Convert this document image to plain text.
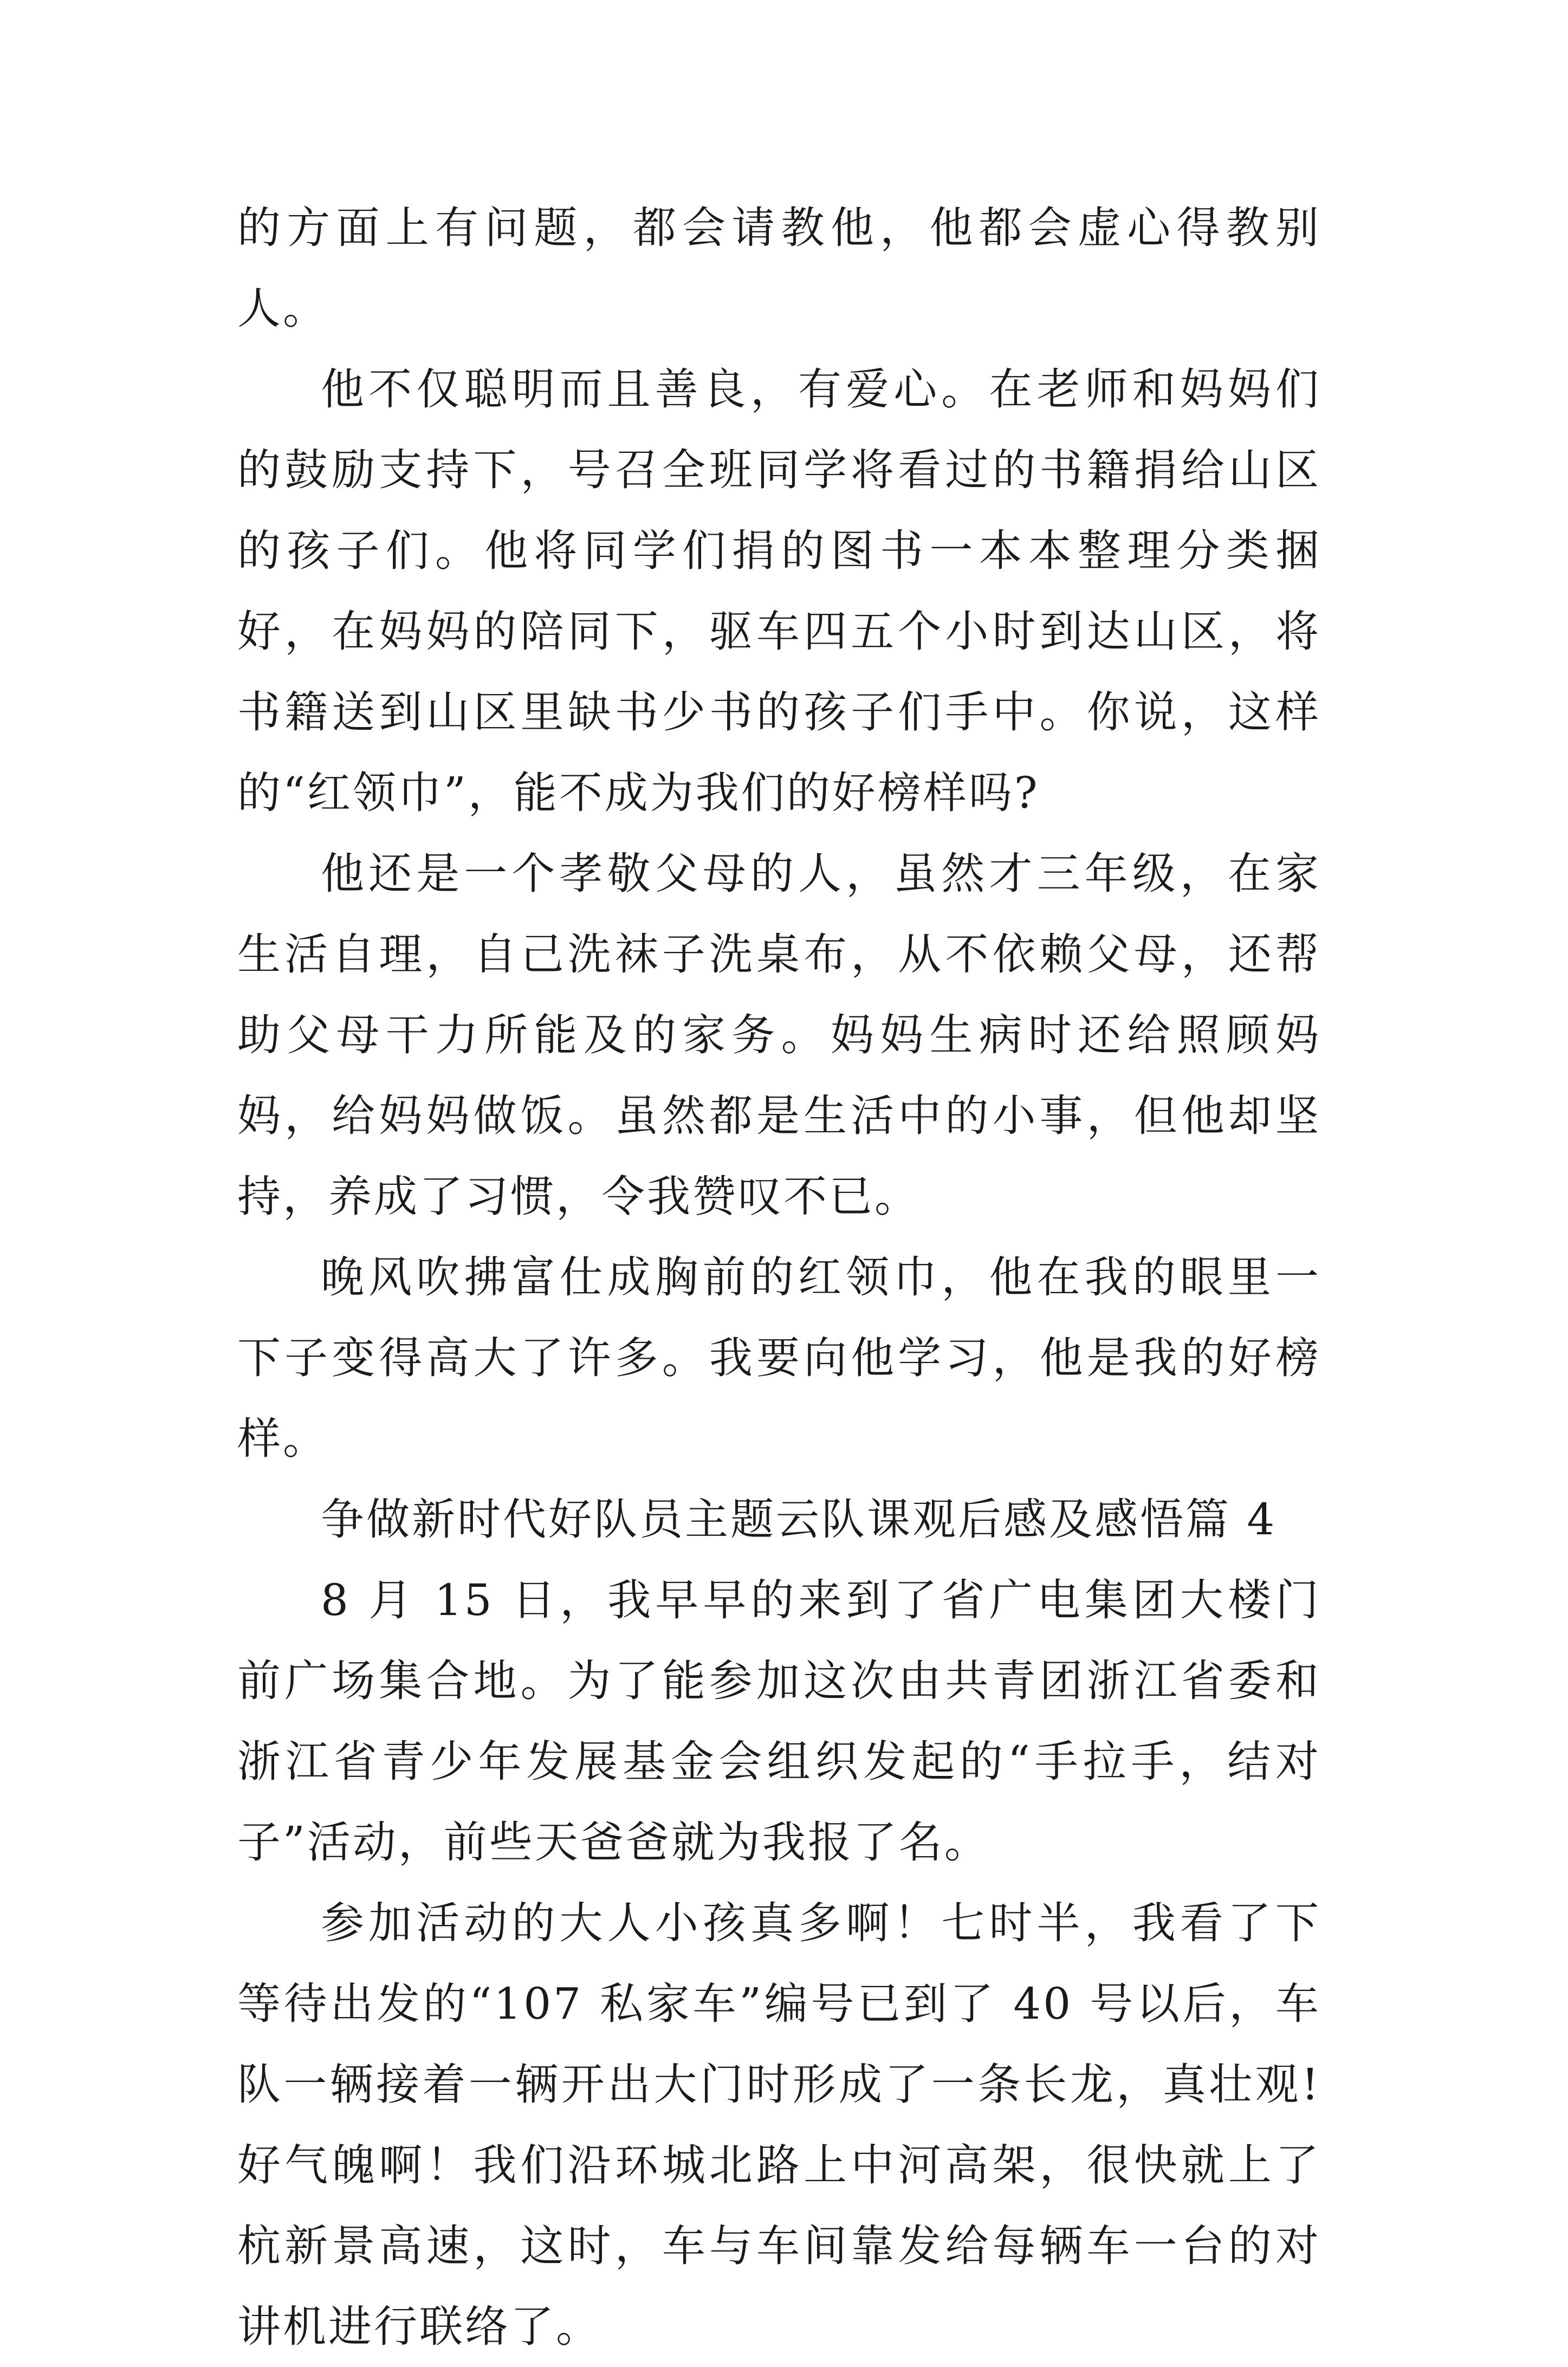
的方面上有问题，都会请教他，他都会虚心得教别人。

他不仅聪明而且善良，有爱心。在老师和妈妈们的鼓励支持下，号召全班同学将看过的书籍捐给山区的孩子们。他将同学们捐的图书一本本整理分类捆好，在妈妈的陪同下，驱车四五个小时到达山区，将书籍送到山区里缺书少书的孩子们手中。你说，这样的“红领巾”，能不成为我们的好榜样吗?

他还是一个孝敬父母的人，虽然才三年级，在家生活自理，自己洗袜子洗桌布，从不依赖父母，还帮助父母干力所能及的家务。妈妈生病时还给照顾妈妈，给妈妈做饭。虽然都是生活中的小事，但他却坚持，养成了习惯，令我赞叹不已。

晚风吹拂富仕成胸前的红领巾，他在我的眼里一下子变得高大了许多。我要向他学习，他是我的好榜样。

争做新时代好队员主题云队课观后感及感悟篇 4

8 月 15 日，我早早的来到了省广电集团大楼门前广场集合地。为了能参加这次由共青团浙江省委和浙江省青少年发展基金会组织发起的“手拉手，结对子”活动，前些天爸爸就为我报了名。

参加活动的大人小孩真多啊！七时半，我看了下等待出发的“107 私家车”编号已到了 40 号以后，车队一辆接着一辆开出大门时形成了一条长龙，真壮观!好气魄啊！我们沿环城北路上中河高架，很快就上了杭新景高速，这时，车与车间靠发给每辆车一台的对讲机进行联络了。
